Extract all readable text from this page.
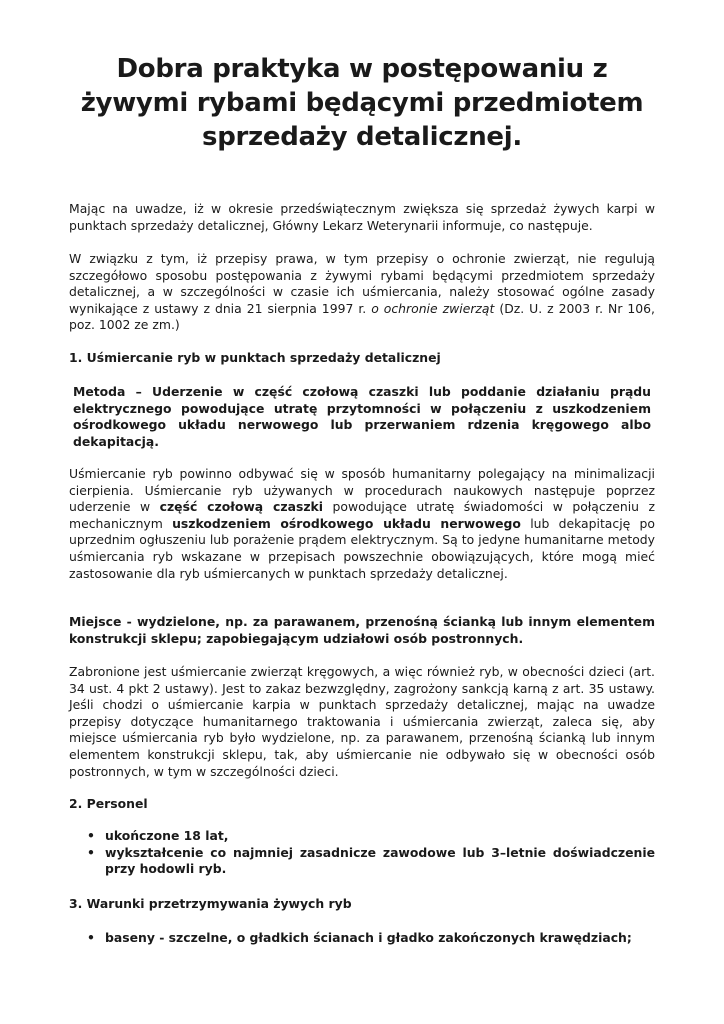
Dobra praktyka w postępowaniu z żywymi rybami będącymi przedmiotem sprzedaży detalicznej.

Mając na uwadze, iż w okresie przedświątecznym zwiększa się sprzedaż żywych karpi w punktach sprzedaży detalicznej, Główny Lekarz Weterynarii informuje, co następuje.

W związku z tym, iż przepisy prawa, w tym przepisy o ochronie zwierząt, nie regulują szczegółowo sposobu postępowania z żywymi rybami będącymi przedmiotem sprzedaży detalicznej, a w szczególności w czasie ich uśmiercania, należy stosować ogólne zasady wynikające z ustawy z dnia 21 sierpnia 1997 r. o ochronie zwierząt (Dz. U. z 2003 r. Nr 106, poz. 1002 ze zm.)

1. Uśmiercanie ryb w punktach sprzedaży detalicznej

Metoda – Uderzenie w część czołową czaszki lub poddanie działaniu prądu elektrycznego powodujące utratę przytomności w połączeniu z uszkodzeniem ośrodkowego układu nerwowego lub przerwaniem rdzenia kręgowego albo dekapitacją.

Uśmiercanie ryb powinno odbywać się w sposób humanitarny polegający na minimalizacji cierpienia. Uśmiercanie ryb używanych w procedurach naukowych następuje poprzez uderzenie w część czołową czaszki powodujące utratę świadomości w połączeniu z mechanicznym uszkodzeniem ośrodkowego układu nerwowego lub dekapitację po uprzednim ogłuszeniu lub porażenie prądem elektrycznym. Są to jedyne humanitarne metody uśmiercania ryb wskazane w przepisach powszechnie obowiązujących, które mogą mieć zastosowanie dla ryb uśmiercanych w punktach sprzedaży detalicznej.

Miejsce - wydzielone, np. za parawanem, przenośną ścianką lub innym elementem konstrukcji sklepu; zapobiegającym udziałowi osób postronnych.

Zabronione jest uśmiercanie zwierząt kręgowych, a więc również ryb, w obecności dzieci (art. 34 ust. 4 pkt 2 ustawy). Jest to zakaz bezwzględny, zagrożony sankcją karną z art. 35 ustawy. Jeśli chodzi o uśmiercanie karpia w punktach sprzedaży detalicznej, mając na uwadze przepisy dotyczące humanitarnego traktowania i uśmiercania zwierząt, zaleca się, aby miejsce uśmiercania ryb było wydzielone, np. za parawanem, przenośną ścianką lub innym elementem konstrukcji sklepu, tak, aby uśmiercanie nie odbywało się w obecności osób postronnych, w tym w szczególności dzieci.

2. Personel

• ukończone 18 lat,
• wykształcenie co najmniej zasadnicze zawodowe lub 3–letnie doświadczenie przy hodowli ryb.

3. Warunki przetrzymywania żywych ryb

• baseny - szczelne, o gładkich ścianach i gładko zakończonych krawędziach;
